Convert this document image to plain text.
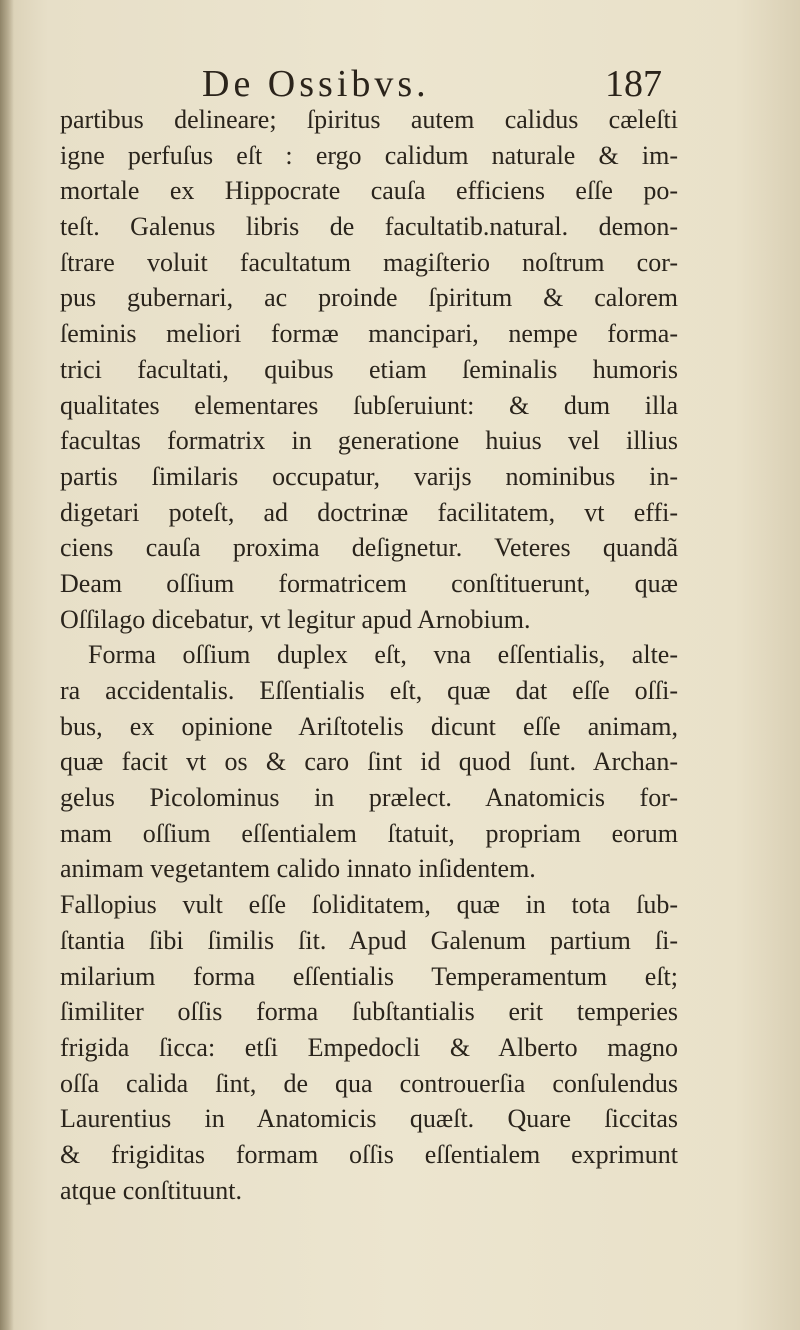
De Ossibvs.	187
partibus delineare; ſpiritus autem calidus cæleſti
igne perfuſus eſt : ergo calidum naturale & im-
mortale ex Hippocrate cauſa efficiens eſſe po-
teſt. Galenus libris de facultatib.natural. demon-
ſtrare voluit facultatum magiſterio noſtrum cor-
pus gubernari, ac proinde ſpiritum & calorem
ſeminis meliori formæ mancipari, nempe forma-
trici facultati, quibus etiam ſeminalis humoris
qualitates elementares ſubſeruiunt: & dum illa
facultas formatrix in generatione huius vel illius
partis ſimilaris occupatur, varijs nominibus in-
digetari poteſt, ad doctrinæ facilitatem, vt effi-
ciens cauſa proxima deſignetur. Veteres quandã
Deam oſſium formatricem conſtituerunt, quæ
Oſſilago dicebatur, vt legitur apud Arnobium.
Forma oſſium duplex eſt, vna eſſentialis, alte-
ra accidentalis. Eſſentialis eſt, quæ dat eſſe oſſi-
bus, ex opinione Ariſtotelis dicunt eſſe animam,
quæ facit vt os & caro ſint id quod ſunt. Archan-
gelus Picolominus in prælect. Anatomicis for-
mam oſſium eſſentialem ſtatuit, propriam eorum
animam vegetantem calido innato inſidentem.
Fallopius vult eſſe ſoliditatem, quæ in tota ſub-
ſtantia ſibi ſimilis ſit. Apud Galenum partium ſi-
milarium forma eſſentialis Temperamentum eſt;
ſimiliter oſſis forma ſubſtantialis erit temperies
frigida ſicca: etſi Empedocli & Alberto magno
oſſa calida ſint, de qua controuerſia conſulendus
Laurentius in Anatomicis quæſt. Quare ſiccitas
& frigiditas formam oſſis eſſentialem exprimunt
atque conſtituunt.
